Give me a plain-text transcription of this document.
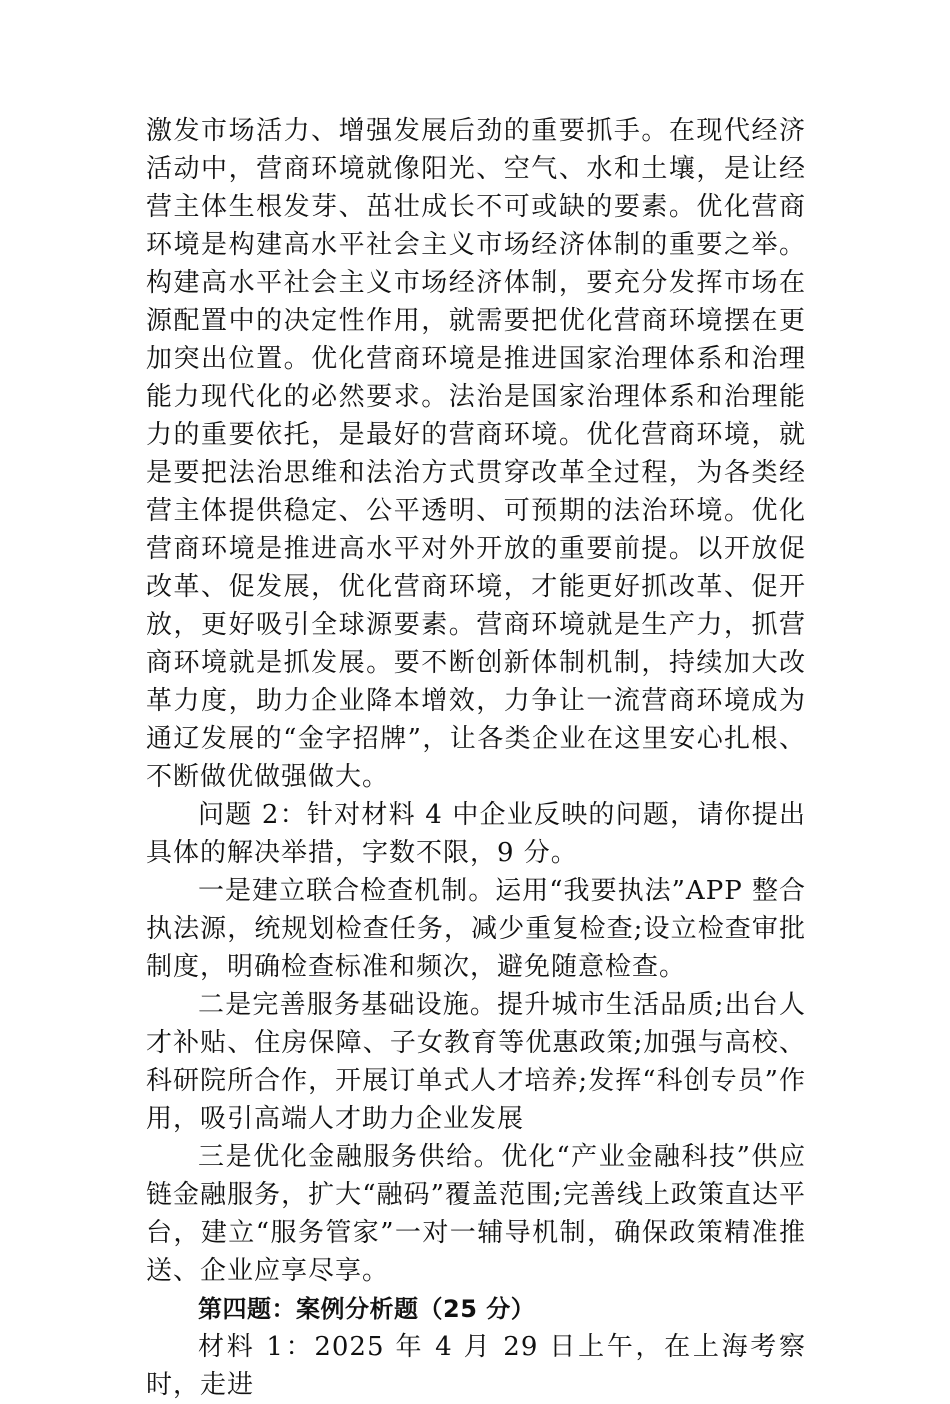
激发市场活力、增强发展后劲的重要抓手。在现代经济活动中，营商环境就像阳光、空气、水和土壤，是让经营主体生根发芽、茁壮成长不可或缺的要素。优化营商环境是构建高水平社会主义市场经济体制的重要之举。构建高水平社会主义市场经济体制，要充分发挥市场在源配置中的决定性作用，就需要把优化营商环境摆在更加突出位置。优化营商环境是推进国家治理体系和治理能力现代化的必然要求。法治是国家治理体系和治理能力的重要依托，是最好的营商环境。优化营商环境，就是要把法治思维和法治方式贯穿改革全过程，为各类经营主体提供稳定、公平透明、可预期的法治环境。优化营商环境是推进高水平对外开放的重要前提。以开放促改革、促发展，优化营商环境，才能更好抓改革、促开放，更好吸引全球源要素。营商环境就是生产力，抓营商环境就是抓发展。要不断创新体制机制，持续加大改革力度，助力企业降本增效，力争让一流营商环境成为通辽发展的“金字招牌”，让各类企业在这里安心扎根、不断做优做强做大。

问题 2：针对材料 4 中企业反映的问题，请你提出具体的解决举措，字数不限，9 分。

一是建立联合检查机制。运用“我要执法”APP 整合执法源，统规划检查任务，减少重复检查;设立检查审批制度，明确检查标准和频次，避免随意检查。

二是完善服务基础设施。提升城市生活品质;出台人才补贴、住房保障、子女教育等优惠政策;加强与高校、科研院所合作，开展订单式人才培养;发挥“科创专员”作用，吸引高端人才助力企业发展

三是优化金融服务供给。优化“产业金融科技”供应链金融服务，扩大“融码”覆盖范围;完善线上政策直达平台，建立“服务管家”一对一辅导机制，确保政策精准推送、企业应享尽享。

第四题：案例分析题（25 分）

材料 1：2025 年 4 月 29 日上午，在上海考察时，走进
